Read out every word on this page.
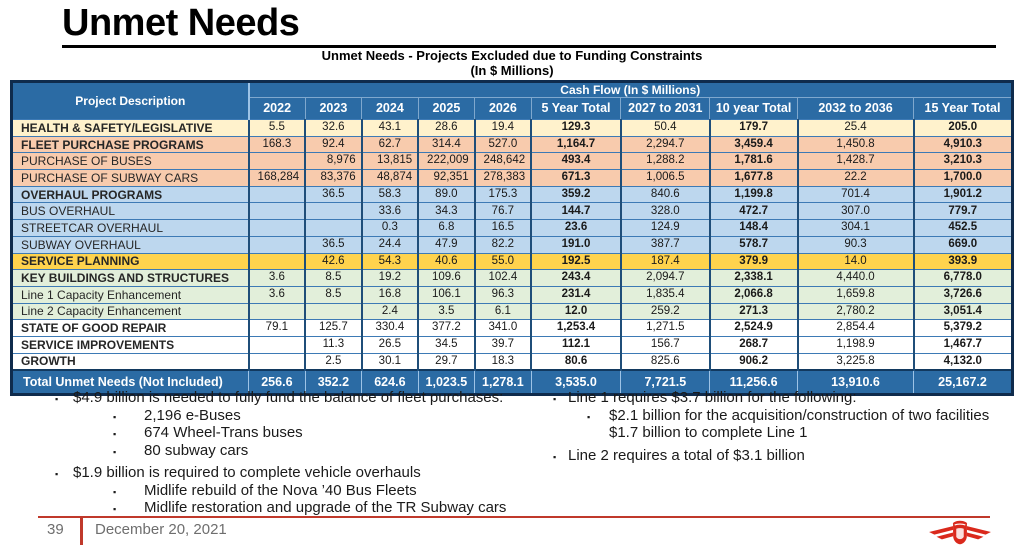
Unmet Needs
Unmet Needs - Projects Excluded due to Funding Constraints
(In $ Millions)
Project Description	Cash Flow (In $ Millions)									
	2022	2023	2024	2025	2026	5 Year Total	2027 to 2031	10 year Total	2032 to 2036	15 Year Total
HEALTH & SAFETY/LEGISLATIVE	5.5	32.6	43.1	28.6	19.4	129.3	50.4	179.7	25.4	205.0
FLEET PURCHASE PROGRAMS	168.3	92.4	62.7	314.4	527.0	1,164.7	2,294.7	3,459.4	1,450.8	4,910.3
PURCHASE OF BUSES		8,976	13,815	222,009	248,642	493.4	1,288.2	1,781.6	1,428.7	3,210.3
PURCHASE OF SUBWAY CARS	168,284	83,376	48,874	92,351	278,383	671.3	1,006.5	1,677.8	22.2	1,700.0
OVERHAUL PROGRAMS		36.5	58.3	89.0	175.3	359.2	840.6	1,199.8	701.4	1,901.2
BUS OVERHAUL			33.6	34.3	76.7	144.7	328.0	472.7	307.0	779.7
STREETCAR OVERHAUL			0.3	6.8	16.5	23.6	124.9	148.4	304.1	452.5
SUBWAY OVERHAUL		36.5	24.4	47.9	82.2	191.0	387.7	578.7	90.3	669.0
SERVICE PLANNING		42.6	54.3	40.6	55.0	192.5	187.4	379.9	14.0	393.9
KEY BUILDINGS AND STRUCTURES	3.6	8.5	19.2	109.6	102.4	243.4	2,094.7	2,338.1	4,440.0	6,778.0
Line 1 Capacity Enhancement	3.6	8.5	16.8	106.1	96.3	231.4	1,835.4	2,066.8	1,659.8	3,726.6
Line 2 Capacity Enhancement			2.4	3.5	6.1	12.0	259.2	271.3	2,780.2	3,051.4
STATE OF GOOD REPAIR	79.1	125.7	330.4	377.2	341.0	1,253.4	1,271.5	2,524.9	2,854.4	5,379.2
SERVICE IMPROVEMENTS		11.3	26.5	34.5	39.7	112.1	156.7	268.7	1,198.9	1,467.7
GROWTH		2.5	30.1	29.7	18.3	80.6	825.6	906.2	3,225.8	4,132.0
Total Unmet Needs (Not Included)	256.6	352.2	624.6	1,023.5	1,278.1	3,535.0	7,721.5	11,256.6	13,910.6	25,167.2
▪ $4.9 billion is needed to fully fund the balance of fleet purchases:
▪	2,196 e-Buses
▪	674 Wheel-Trans buses
▪	80 subway cars
▪ $1.9 billion is required to complete vehicle overhauls
▪	Midlife rebuild of the Nova ’40 Bus Fleets
▪	Midlife restoration and upgrade of the TR Subway cars
▪ Line 1 requires $3.7 billion for the following:
▪	$2.1 billion for the acquisition/construction of two facilities
$1.7 billion to complete Line 1
▪ Line 2 requires a total of $3.1 billion
39 December 20, 2021
